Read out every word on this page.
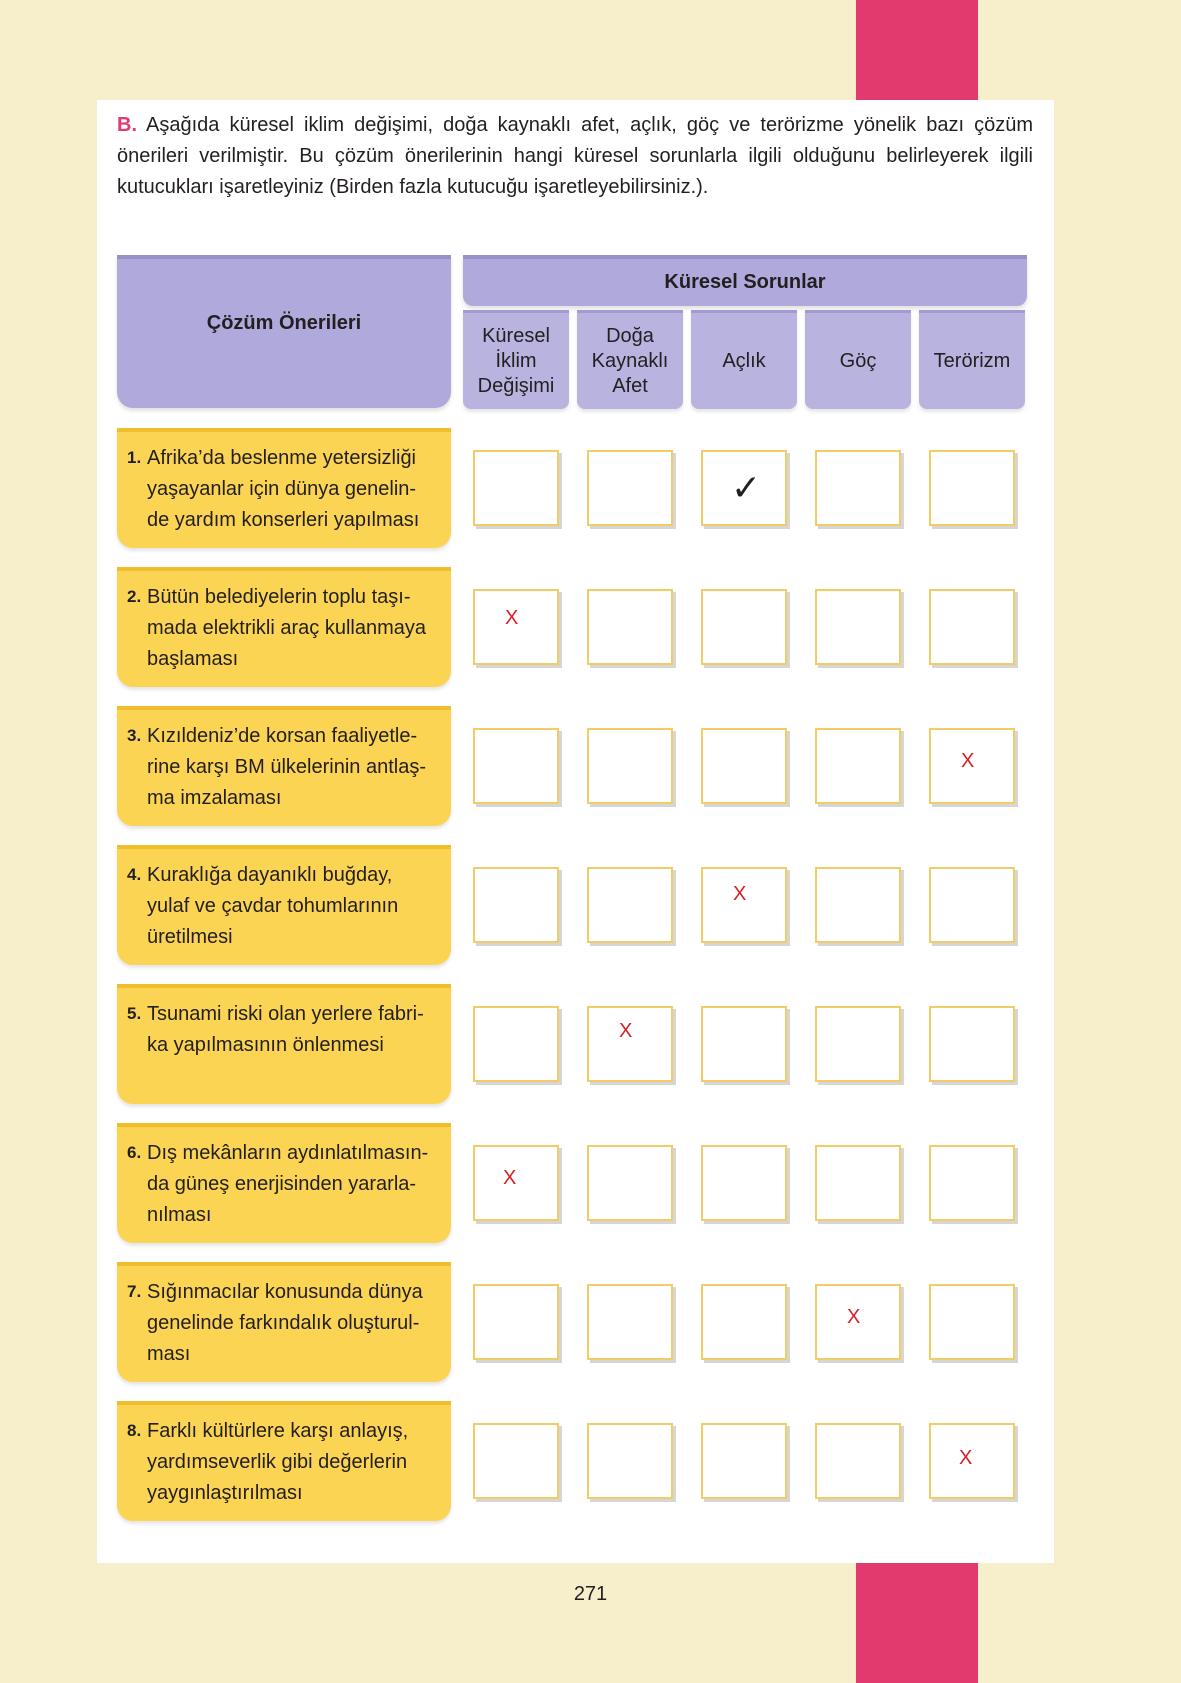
B. Aşağıda küresel iklim değişimi, doğa kaynaklı afet, açlık, göç ve terörizme yönelik bazı çözüm önerileri verilmiştir. Bu çözüm önerilerinin hangi küresel sorunlarla ilgili olduğunu belirleyerek ilgili kutucukları işaretleyiniz (Birden fazla kutucuğu işaretleyebilirsiniz.).

Çözüm Önerileri
Küresel Sorunlar
Küresel
İklim
Değişimi
Doğa
Kaynaklı
Afet
Açlık	Göç	Terörizm
1. Afrika’da beslenme yetersizliği
yaşayanlar için dünya genelin-
de yardım konserleri yapılması
✓
2. Bütün belediyelerin toplu taşı-
mada elektrikli araç kullanmaya
başlaması
X
3. Kızıldeniz’de korsan faaliyetle-
rine karşı BM ülkelerinin antlaş-
ma imzalaması
X
4. Kuraklığa dayanıklı buğday,
yulaf ve çavdar tohumlarının
üretilmesi
X
5. Tsunami riski olan yerlere fabri-
ka yapılmasının önlenmesi
X
6. Dış mekânların aydınlatılmasın-
da güneş enerjisinden yararla-
nılması
X
7. Sığınmacılar konusunda dünya
genelinde farkındalık oluşturul-
ması
X
8. Farklı kültürlere karşı anlayış,
yardımseverlik gibi değerlerin
yaygınlaştırılması
X
271
